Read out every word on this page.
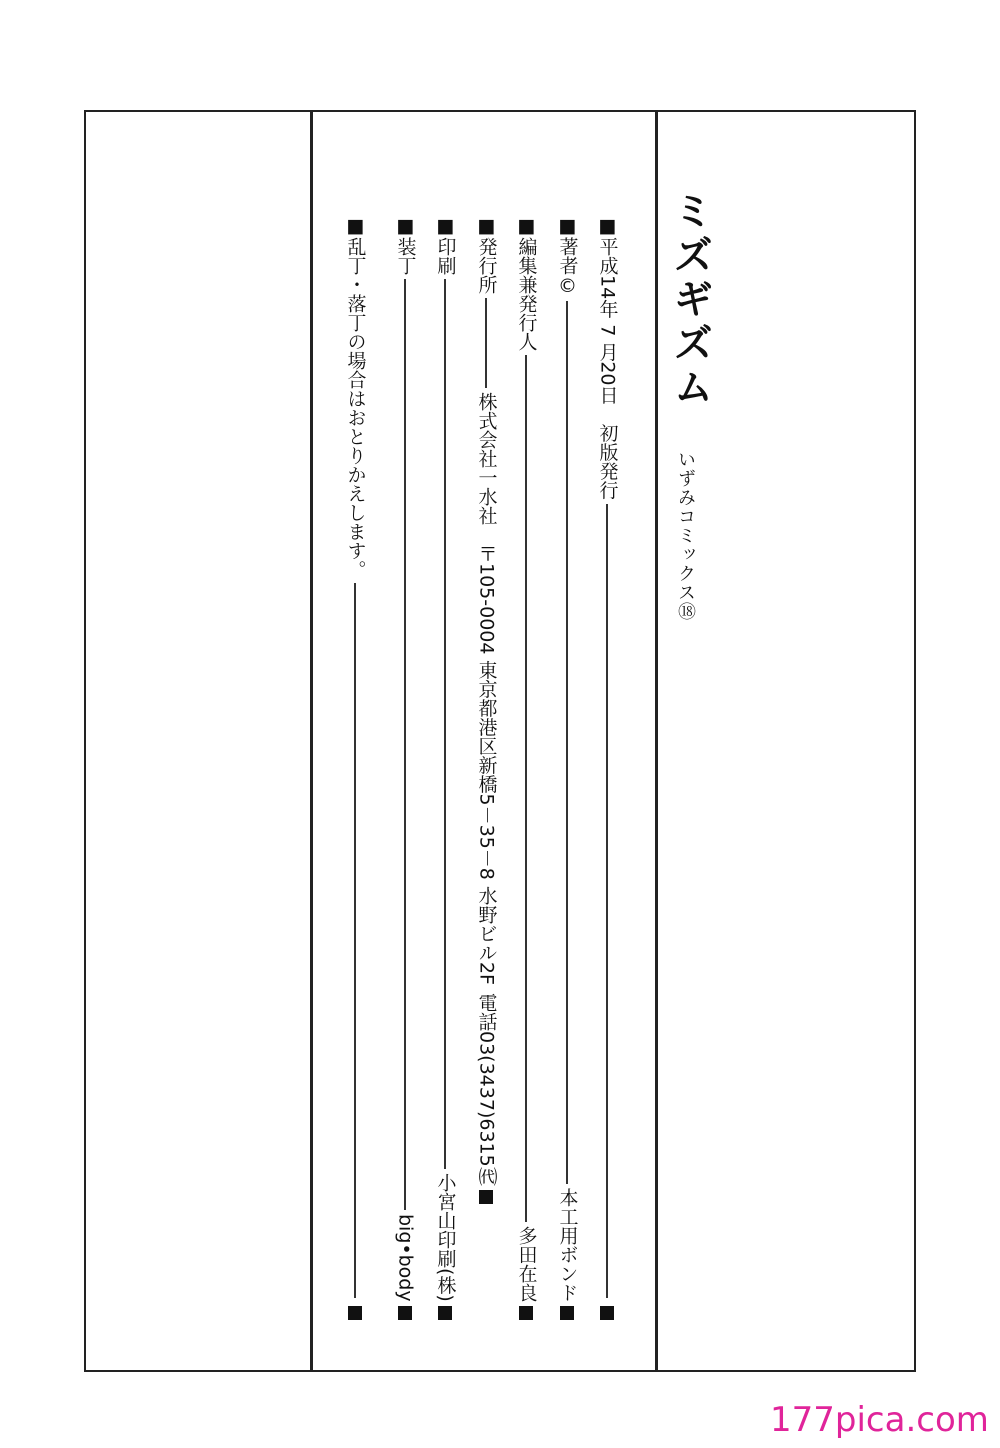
ミズギズム
いずみコミックス⑱
■平成14年 7 月20日　初版発行
■著者©
本工用ボンド
■編集兼発行人
多田在良
■発行所
株式会社一水社　〒105-0004 東京都港区新橋5－35－8 水野ビル2F
電話03(3437)6315㈹
■印刷
小宮山印刷(株)
■装丁
big•body
■乱丁・落丁の場合はおとりかえします。
177pica.com
